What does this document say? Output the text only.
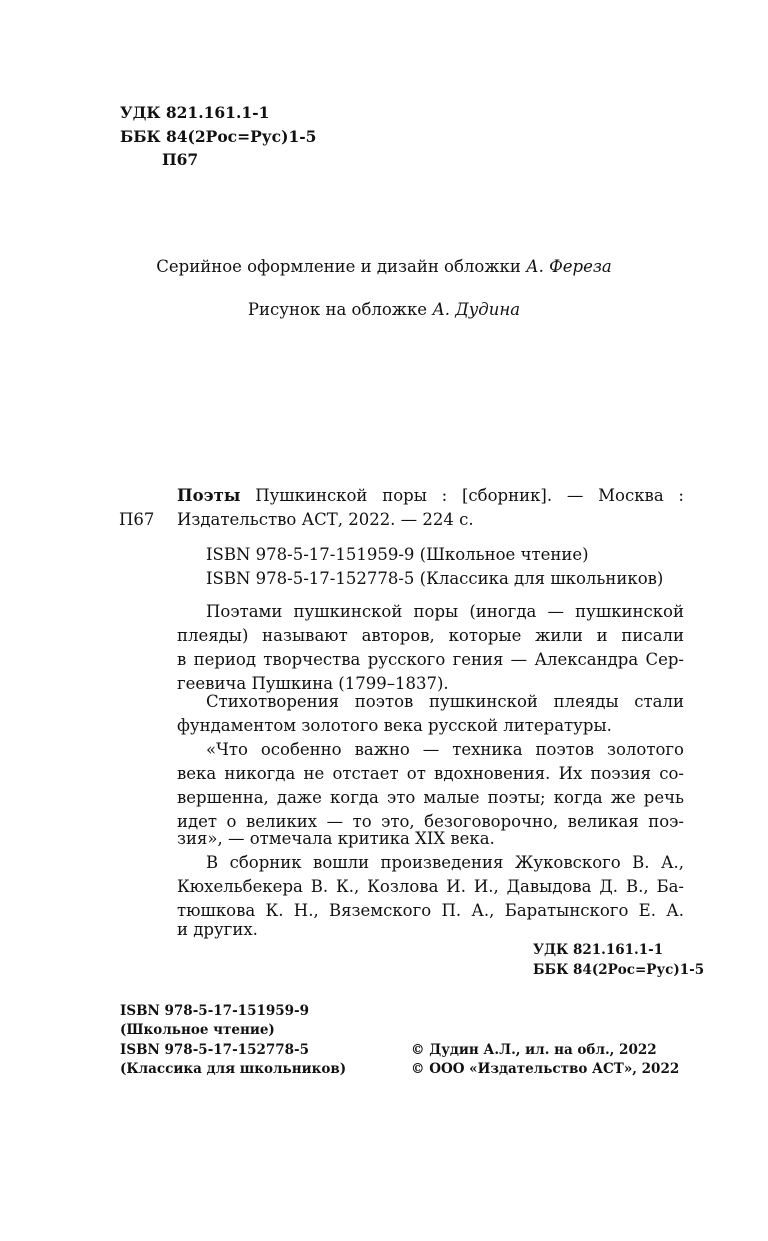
УДК 821.161.1-1
ББК 84(2Рос=Рус)1-5
П67
Серийное оформление и дизайн обложки А. Фереза
Рисунок на обложке А. Дудина
Поэты Пушкинской поры : [сборник]. — Москва :
П67 Издательство АСТ, 2022. — 224 с.
ISBN 978-5-17-151959-9 (Школьное чтение)
ISBN 978-5-17-152778-5 (Классика для школьников)
Поэтами пушкинской поры (иногда — пушкинской
плеяды) называют авторов, которые жили и писали
в период творчества русского гения — Александра Сер-
геевича Пушкина (1799–1837).
Стихотворения поэтов пушкинской плеяды стали
фундаментом золотого века русской литературы.
«Что особенно важно — техника поэтов золотого
века никогда не отстает от вдохновения. Их поэзия со-
вершенна, даже когда это малые поэты; когда же речь
идет о великих — то это, безоговорочно, великая поэ-
зия», — отмечала критика XIX века.
В сборник вошли произведения Жуковского В. А.,
Кюхельбекера В. К., Козлова И. И., Давыдова Д. В., Ба-
тюшкова К. Н., Вяземского П. А., Баратынского Е. А.
и других.
УДК 821.161.1-1
ББК 84(2Рос=Рус)1-5
ISBN 978-5-17-151959-9
(Школьное чтение)
ISBN 978-5-17-152778-5
(Классика для школьников)
© Дудин А.Л., ил. на обл., 2022
© ООО «Издательство АСТ», 2022
